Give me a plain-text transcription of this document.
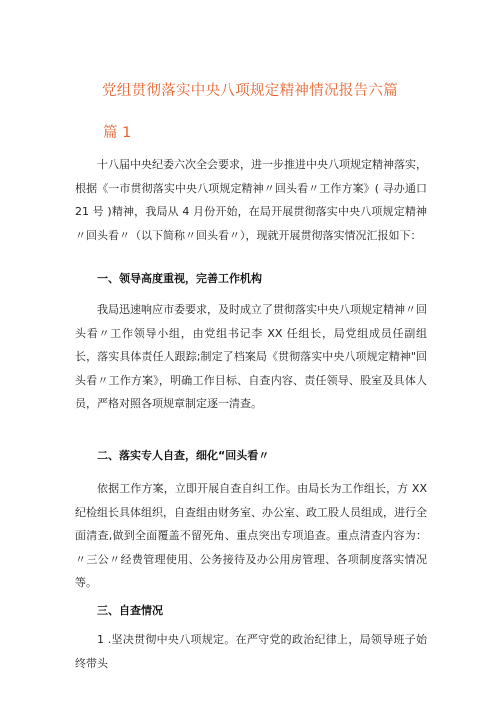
党组贯彻落实中央八项规定精神情况报告六篇
篇 1

十八届中央纪委六次全会要求，进一步推进中央八项规定精神落实，根据《一市贯彻落实中央八项规定精神〃回头看〃工作方案》( 寻办通口 21 号 )精神，我局从 4 月份开始，在局开展贯彻落实中央八项规定精神〃回头看〃（以下简称〃回头看〃），现就开展贯彻落实情况汇报如下：

一、领导高度重视，完善工作机构

我局迅速响应市委要求，及时成立了贯彻落实中央八项规定精神〃回头看〃工作领导小组，由党组书记李 XX 任组长，局党组成员任副组长，落实具体责任人跟踪;制定了档案局《贯彻落实中央八项规定精神"回头看〃工作方案》，明确工作目标、自查内容、责任领导、股室及具体人员，严格对照各项规章制定逐一清查。

二、落实专人自查，细化“回头看〃

依据工作方案，立即开展自查自纠工作。由局长为工作组长，方 XX 纪检组长具体组织，自查组由财务室、办公室、政工股人员组成，进行全面清查,做到全面覆盖不留死角、重点突出专项追查。重点清查内容为：〃三公〃经费管理使用、公务接待及办公用房管理、各项制度落实情况等。

三、自查情况

1 .坚决贯彻中央八项规定。在严守党的政治纪律上，局领导班子始终带头
